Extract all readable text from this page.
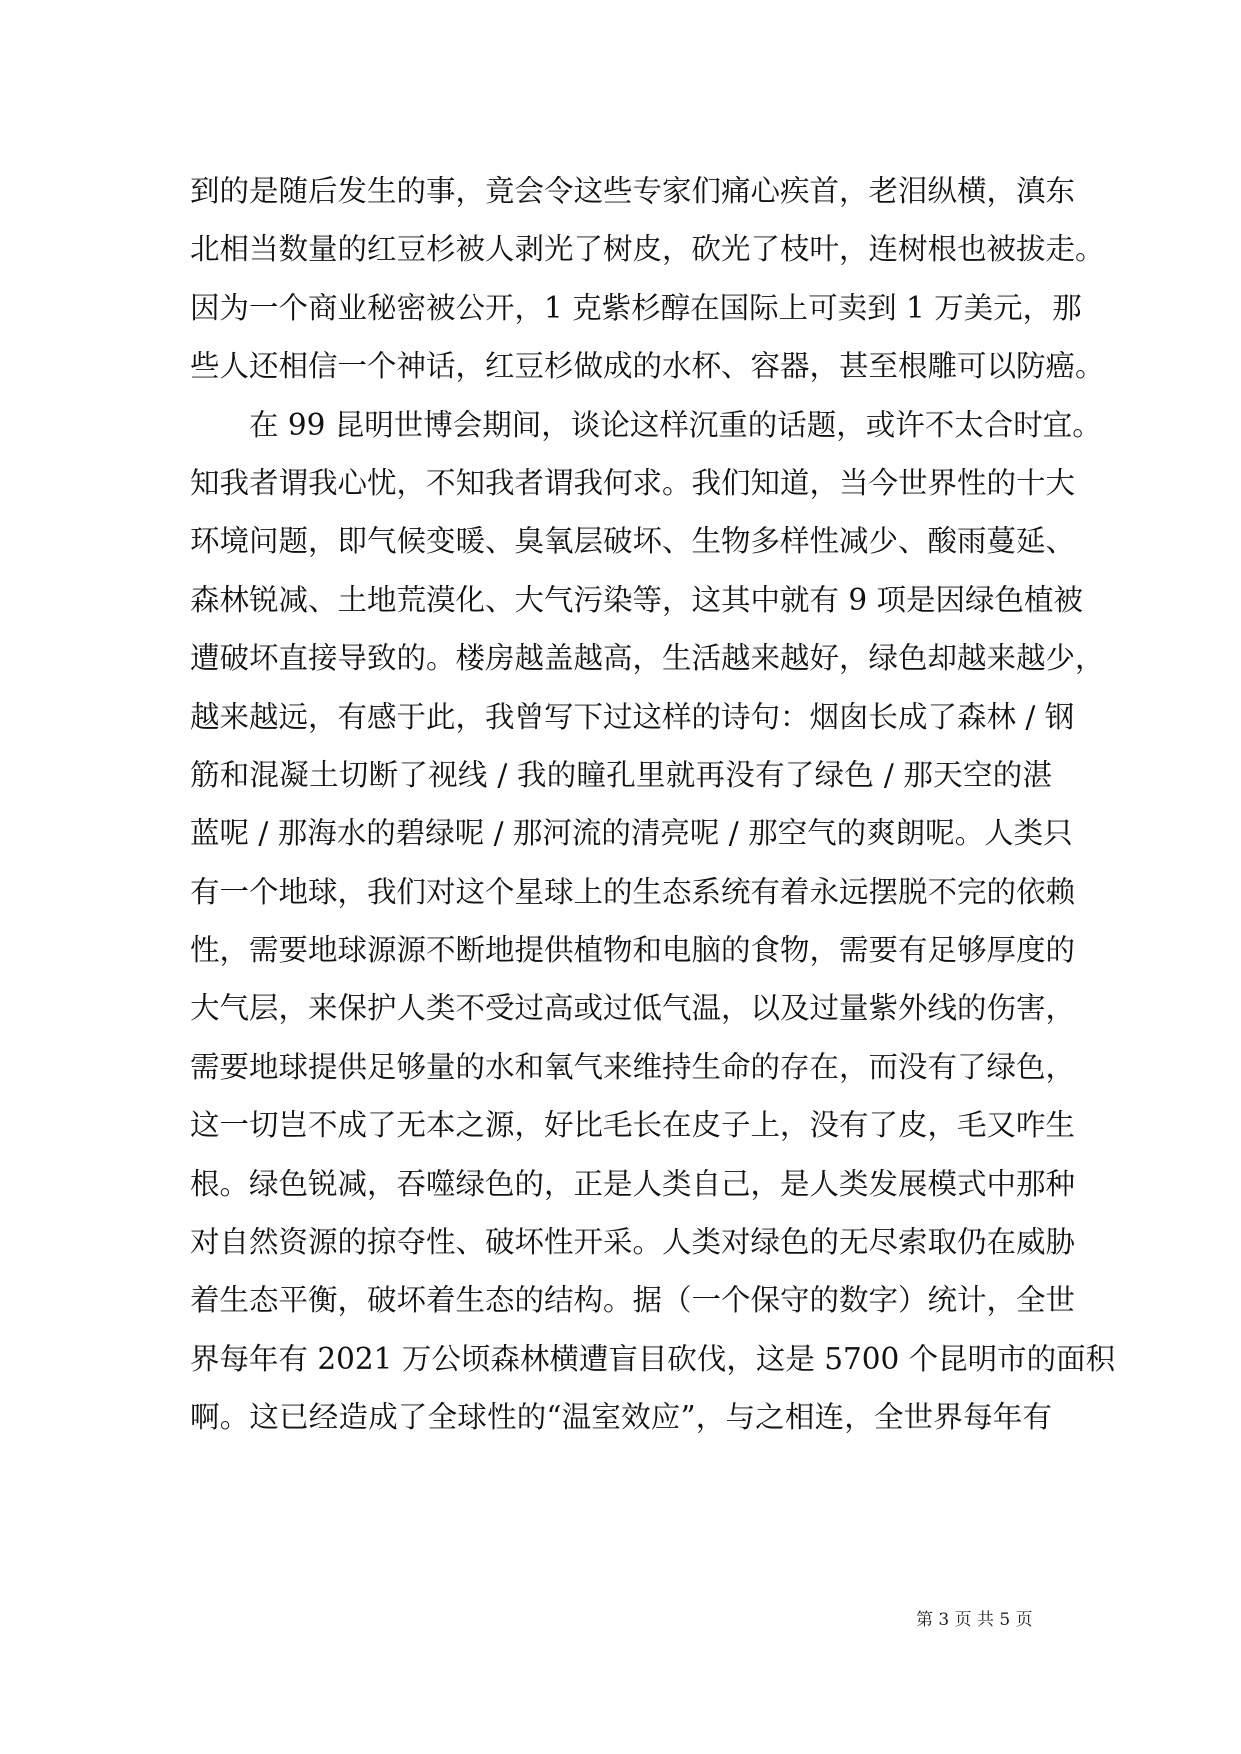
到的是随后发生的事，竟会令这些专家们痛心疾首，老泪纵横，滇东
北相当数量的红豆杉被人剥光了树皮，砍光了枝叶，连树根也被拔走。
因为一个商业秘密被公开，1 克紫杉醇在国际上可卖到 1 万美元，那
些人还相信一个神话，红豆杉做成的水杯、容器，甚至根雕可以防癌。
在 99 昆明世博会期间，谈论这样沉重的话题，或许不太合时宜。
知我者谓我心忧，不知我者谓我何求。我们知道，当今世界性的十大
环境问题，即气候变暖、臭氧层破坏、生物多样性减少、酸雨蔓延、
森林锐减、土地荒漠化、大气污染等，这其中就有 9 项是因绿色植被
遭破坏直接导致的。楼房越盖越高，生活越来越好，绿色却越来越少，
越来越远，有感于此，我曾写下过这样的诗句：烟囱长成了森林 / 钢
筋和混凝土切断了视线 / 我的瞳孔里就再没有了绿色 / 那天空的湛
蓝呢 / 那海水的碧绿呢 / 那河流的清亮呢 / 那空气的爽朗呢。人类只
有一个地球，我们对这个星球上的生态系统有着永远摆脱不完的依赖
性，需要地球源源不断地提供植物和电脑的食物，需要有足够厚度的
大气层，来保护人类不受过高或过低气温，以及过量紫外线的伤害，
需要地球提供足够量的水和氧气来维持生命的存在，而没有了绿色，
这一切岂不成了无本之源，好比毛长在皮子上，没有了皮，毛又咋生
根。绿色锐减，吞噬绿色的，正是人类自己，是人类发展模式中那种
对自然资源的掠夺性、破坏性开采。人类对绿色的无尽索取仍在威胁
着生态平衡，破坏着生态的结构。据（一个保守的数字）统计，全世
界每年有 2021 万公顷森林横遭盲目砍伐，这是 5700 个昆明市的面积
啊。这已经造成了全球性的“温室效应”，与之相连，全世界每年有
第 3 页 共 5 页
